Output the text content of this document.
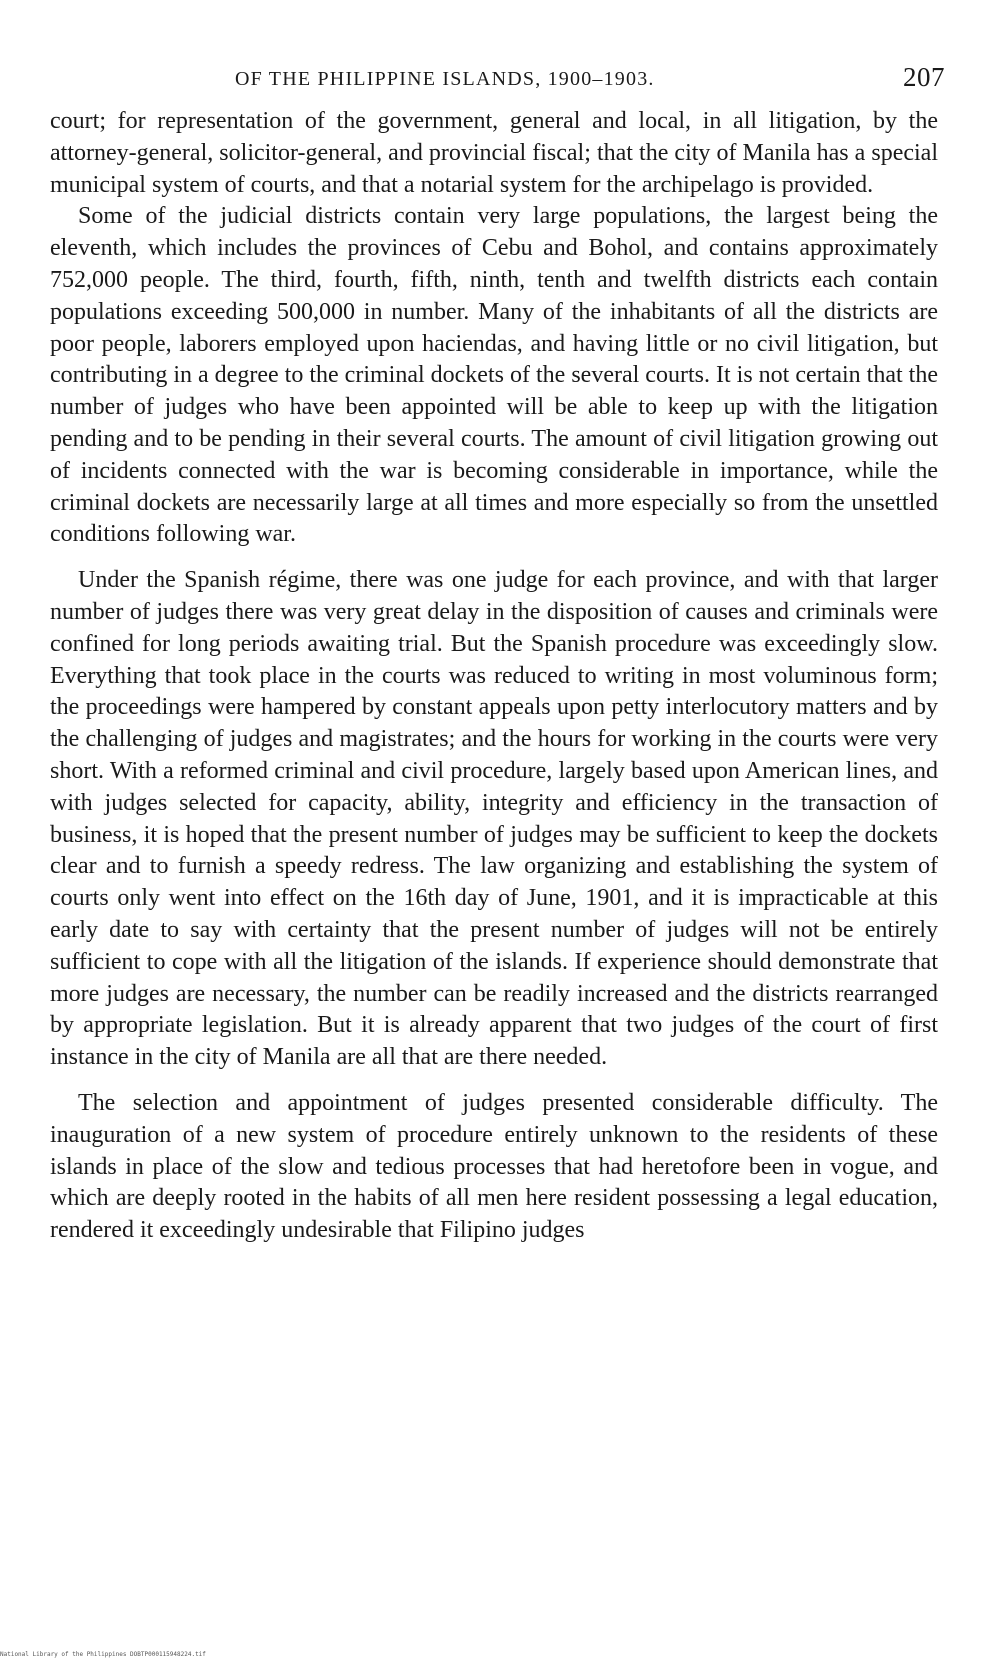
OF THE PHILIPPINE ISLANDS, 1900–1903.	207

court; for representation of the government, general and local, in all litigation, by the attorney-general, solicitor-general, and provincial fiscal; that the city of Manila has a special municipal system of courts, and that a notarial system for the archipelago is provided.

Some of the judicial districts contain very large populations, the largest being the eleventh, which includes the provinces of Cebu and Bohol, and contains approximately 752,000 people. The third, fourth, fifth, ninth, tenth and twelfth districts each contain populations exceeding 500,000 in number. Many of the inhabitants of all the districts are poor people, laborers employed upon haciendas, and having little or no civil litigation, but contributing in a degree to the criminal dockets of the several courts. It is not certain that the number of judges who have been appointed will be able to keep up with the litigation pending and to be pending in their several courts. The amount of civil litigation growing out of incidents connected with the war is becoming considerable in importance, while the criminal dockets are necessarily large at all times and more especially so from the unsettled conditions following war.

Under the Spanish régime, there was one judge for each province, and with that larger number of judges there was very great delay in the disposition of causes and criminals were confined for long periods awaiting trial. But the Spanish procedure was exceedingly slow. Everything that took place in the courts was reduced to writing in most voluminous form; the proceedings were hampered by constant appeals upon petty interlocutory matters and by the challenging of judges and magistrates; and the hours for working in the courts were very short. With a reformed criminal and civil procedure, largely based upon American lines, and with judges selected for capacity, ability, integrity and efficiency in the transaction of business, it is hoped that the present number of judges may be sufficient to keep the dockets clear and to furnish a speedy redress. The law organizing and establishing the system of courts only went into effect on the 16th day of June, 1901, and it is impracticable at this early date to say with certainty that the present number of judges will not be entirely sufficient to cope with all the litigation of the islands. If experience should demonstrate that more judges are necessary, the number can be readily increased and the districts rearranged by appropriate legislation. But it is already apparent that two judges of the court of first instance in the city of Manila are all that are there needed.

The selection and appointment of judges presented considerable difficulty. The inauguration of a new system of procedure entirely unknown to the residents of these islands in place of the slow and tedious processes that had heretofore been in vogue, and which are deeply rooted in the habits of all men here resident possessing a legal education, rendered it exceedingly undesirable that Filipino judges

National Library of the Philippines DOBTP000115948224.tif
